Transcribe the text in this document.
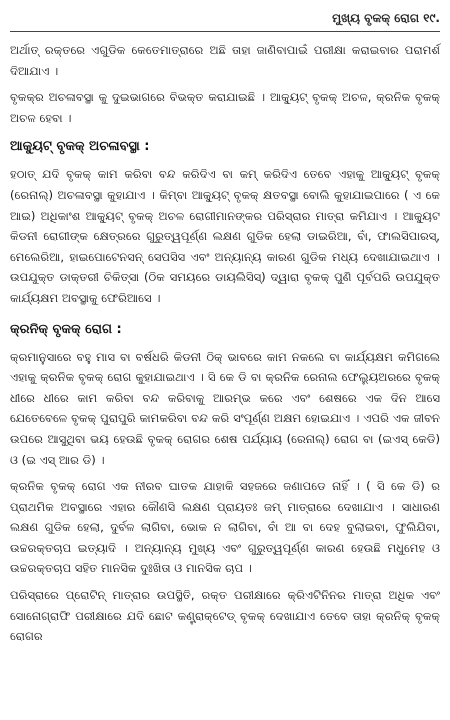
ମୁଖ୍ୟ ବୃକକ୍ ରୋଗ ୧୯.

ଅର୍ଥାତ୍ ରକ୍ତରେ ଏଗୁଡିକ କେତେମାତ୍ରାରେ ଅଛି ତାହା ଜାଣିବାପାଇଁ ପରୀକ୍ଷା କରାଇବାର ପରାମର୍ଶ ଦିଆଯାଏ ।

ବୃକକ୍‌ର ଅଚଳାବସ୍ଥା କୁ ଦୁଇଭାଗରେ ବିଭକ୍ତ କରାଯାଇଛି । ଆକ୍ୟୁଟ୍ ବୃକକ୍ ଅଚଳ, କ୍ରନିକ ବୃକକ୍ ଅଚଳ ହେବା ।

ଆକ୍ୟୁଟ୍ ବୃକକ୍ ଅଚଳାବସ୍ଥା :

ହଠାତ୍ ଯଦି ବୃକକ୍ କାମ କରିବା ବନ୍ଦ କରିଦିଏ ବା କମ୍ କରିଦିଏ ତେବେ ଏହାକୁ ଆକ୍ୟୁଟ୍ ବୃକକ୍ (ରେନାଲ୍) ଅଚଳାବସ୍ଥା କୁହାଯାଏ । କିମ୍ବା ଆକ୍ୟୁଟ୍ ବୃକକ୍ କ୍ଷତବସ୍ଥା ବୋଲି କୁହାଯାଇପାରେ ( ଏ କେ ଆଇ) ଅଧିକାଂଶ ଆକ୍ୟୁଟ୍ ବୃକକ୍ ଅଚଳ ରୋଗୀମାନଙ୍କର ପରିସ୍ରାର ମାତ୍ରା କମିଯାଏ । ଆକ୍ୟୁଟ କିଡନୀ ରୋଗୀଙ୍କ କ୍ଷେତ୍ରରେ ଗୁରୁତ୍ୱପୂର୍ଣ୍ଣ ଲକ୍ଷଣ ଗୁଡିକ ହେଲା ଡାଇରିଆ, ବାଁ, ଫାଲସିପାରସ୍, ମେଲେରିଆ, ହାଇପୋଟେନସନ୍ ସେପସିସ ଏବଂ ଅନ୍ୟାନ୍ୟ କାରଣ ଗୁଡିକ ମଧ୍ୟ ଦେଖାଯାଇଥାଏ । ଉପଯୁକ୍ତ ଡାକ୍ତରୀ ଚିକିତ୍ସା (ଠିକ ସମୟରେ ଡାୟଲିସିସ୍) ଦ୍ୱାରା ବୃକକ୍ ପୁଣି ପୂର୍ବପରି ଉପଯୁକ୍ତ କାର୍ଯ୍ୟକ୍ଷମ ଅବସ୍ଥାକୁ ଫେରିଆସେ ।

କ୍ରନିକ୍ ବୃକକ୍ ରୋଗ :

କ୍ରମାନୁସାରେ ବହୁ ମାସ ବା ବର୍ଷଧରି କିଡନୀ ଠିକ୍ ଭାବରେ କାମ ନକଲେ ବା କାର୍ଯ୍ୟକ୍ଷମ କମିଗଲେ ଏହାକୁ କ୍ରନିକ ବୃକକ୍ ରୋଗ କୁହାଯାଇଥାଏ । ସି କେ ଡି ବା କ୍ରନିକ ରେନାଲ ଫେଲ୍ୟୁଅରରେ ବୃକକ୍ ଧୀରେ ଧୀରେ କାମ କରିବା ବନ୍ଦ କରିବାକୁ ଆରମ୍ଭ କରେ ଏବଂ ଶେଷରେ ଏକ ଦିନ ଆସେ ଯେତେବେଳେ ବୃକକ୍ ପୁରାପୁରି କାମକରିବା ବନ୍ଦ କରି ସଂପୂର୍ଣ୍ଣ ଅକ୍ଷମ ହୋଇଯାଏ । ଏପରି ଏକ ଜୀବନ ଉପରେ ଆସୁଥିବା ଭୟ ହେଉଛି ବୃକକ୍ ରୋଗର ଶେଷ ପର୍ଯ୍ୟାୟ (ରେନାଲ୍) ରୋଗ ବା (ଇଏସ୍ କେଡି) ଓ (ଇ ଏସ୍ ଆର ଡି) ।

କ୍ରନିକ ବୃକକ୍ ରୋଗ ଏକ ନୀରବ ଘାତକ ଯାହାକି ସହଜରେ ଜଣାପଡେ ନାହିଁ । ( ସି କେ ଡି) ର ପ୍ରାଥମିକ ଅବସ୍ଥାରେ ଏହାର କୌଣସି ଲକ୍ଷଣ ପ୍ରାୟତଃ ଜମ୍ ମାତ୍ରାରେ ଦେଖାଯାଏ । ସାଧାରଣ ଲକ୍ଷଣ ଗୁଡିକ ହେଲା, ଦୁର୍ବଳ ଲାଗିବା, ଭୋକ ନ ଲାଗିବା, ବାଁ ଆ ବା ଦେହ ବୁଲାଇବା, ଫୁଲିଯିବା, ଉଚ୍ଚରକ୍ତଚାପ ଇତ୍ୟାଦି । ଅନ୍ୟାନ୍ୟ ମୁଖ୍ୟ ଏବଂ ଗୁରୁତ୍ୱପୂର୍ଣ୍ଣ କାରଣ ହେଉଛି ମଧୁମେହ ଓ ଉଚ୍ଚରକ୍ତଚାପ ସହିତ ମାନସିକ ଦୁଃଖିତା ଓ ମାନସିକ ଚାପ ।

ପରିସ୍ରାରେ ପ୍ରୋଟିନ୍ ମାତ୍ରାର ଉପସ୍ଥିତି, ରକ୍ତ ପରୀକ୍ଷାରେ କ୍ରିଏଟିନିନର ମାତ୍ରା ଅଧିକ ଏବଂ ସୋନୋଗ୍ରାଫି ପରୀକ୍ଷାରେ ଯଦି ଛୋଟ କଣ୍ଟ୍ରାକ୍ଟେଡ୍ ବୃକକ୍ ଦେଖାଯାଏ ତେବେ ତାହା କ୍ରନିକ୍ ବୃକକ୍ ରୋଗର
